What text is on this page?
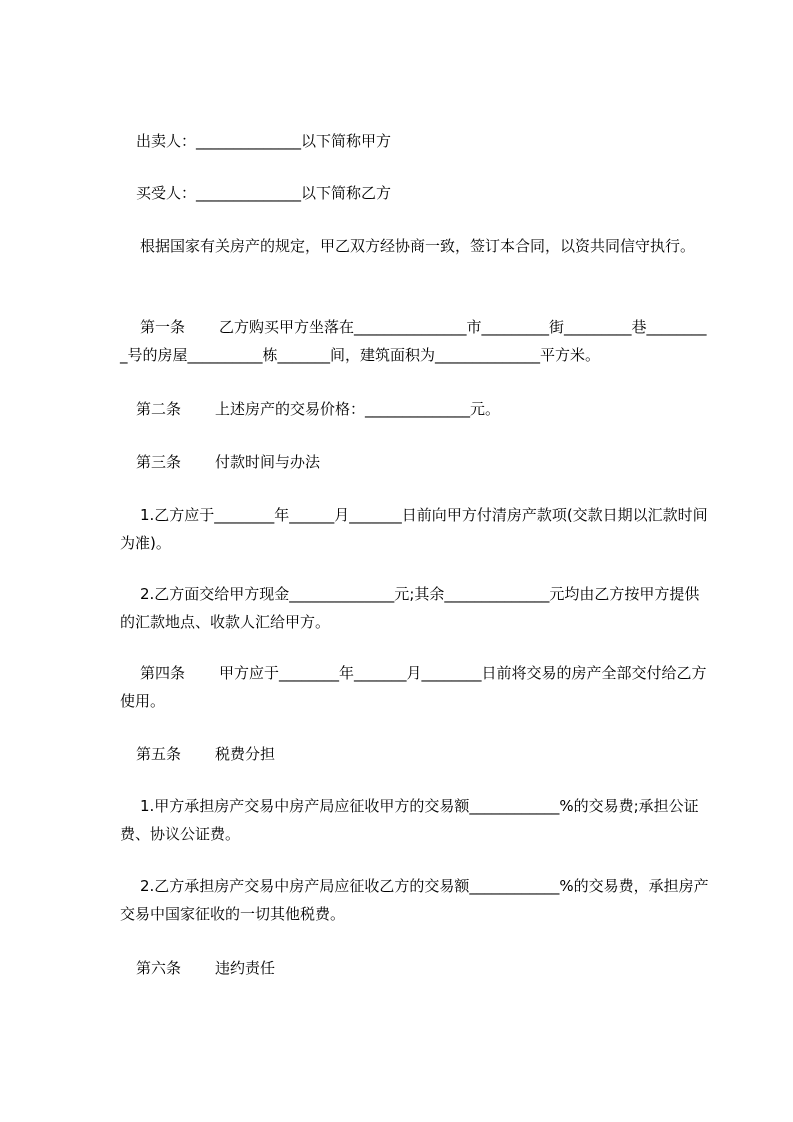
出卖人：______________以下简称甲方
买受人：______________以下简称乙方
根据国家有关房产的规定，甲乙双方经协商一致，签订本合同，以资共同信守执行。
第一条 乙方购买甲方坐落在_______________市_________街_________巷_________号的房屋__________栋_______间，建筑面积为______________平方米。
第二条 上述房产的交易价格：______________元。
第三条 付款时间与办法
1.乙方应于________年______月_______日前向甲方付清房产款项(交款日期以汇款时间为准)。
2.乙方面交给甲方现金______________元;其余______________元均由乙方按甲方提供的汇款地点、收款人汇给甲方。
第四条 甲方应于________年_______月________日前将交易的房产全部交付给乙方使用。
第五条 税费分担
1.甲方承担房产交易中房产局应征收甲方的交易额____________%的交易费;承担公证费、协议公证费。
2.乙方承担房产交易中房产局应征收乙方的交易额____________%的交易费，承担房产交易中国家征收的一切其他税费。
第六条 违约责任
